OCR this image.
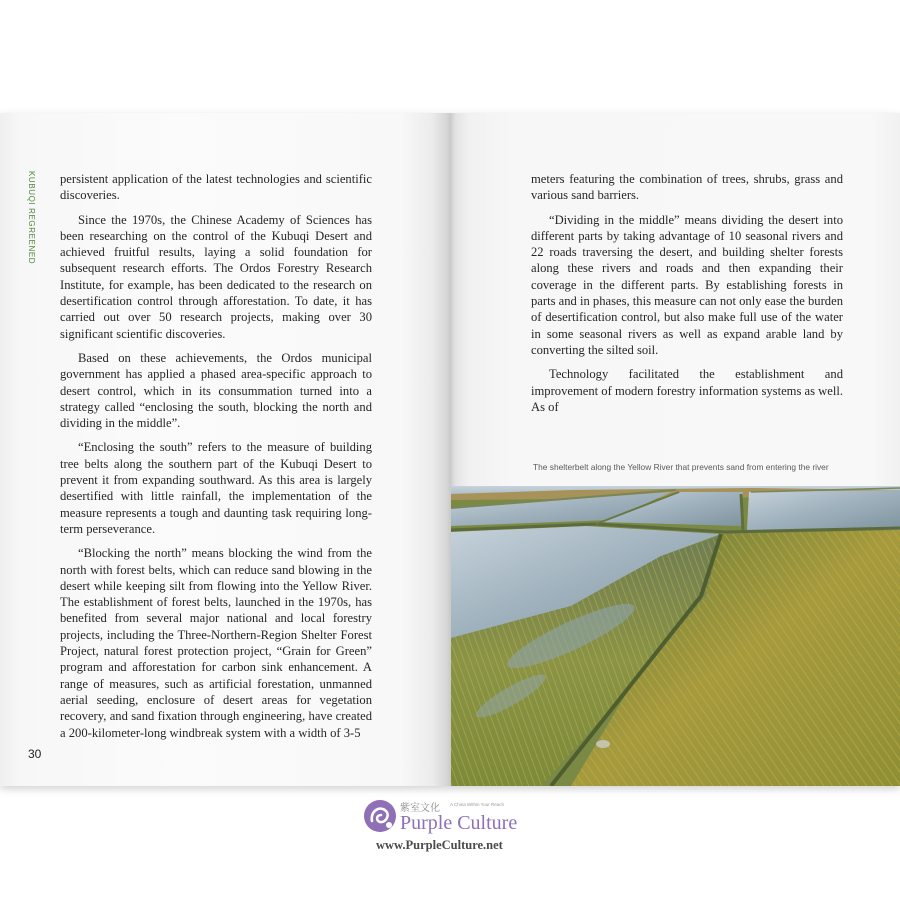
KUBUQI REGREENED persistent application of the latest technologies and scientific discoveries.

Since the 1970s, the Chinese Academy of Sciences has been researching on the control of the Kubuqi Desert and achieved fruitful results, laying a solid foundation for subsequent research efforts. The Ordos Forestry Research Institute, for example, has been dedicated to the research on desertification control through afforestation. To date, it has carried out over 50 research projects, making over 30 significant scientific discoveries.

Based on these achievements, the Ordos municipal government has applied a phased area-specific approach to desert control, which in its consummation turned into a strategy called “enclosing the south, blocking the north and dividing in the middle”.

“Enclosing the south” refers to the measure of building tree belts along the southern part of the Kubuqi Desert to prevent it from expanding southward. As this area is largely desertified with little rainfall, the implementation of the measure represents a tough and daunting task requiring long-term perseverance.

“Blocking the north” means blocking the wind from the north with forest belts, which can reduce sand blowing in the desert while keeping silt from flowing into the Yellow River. The establishment of forest belts, launched in the 1970s, has benefited from several major national and local forestry projects, including the Three-Northern-Region Shelter Forest Project, natural forest protection project, “Grain for Green” program and afforestation for carbon sink enhancement. A range of measures, such as artificial forestation, unmanned aerial seeding, enclosure of desert areas for vegetation recovery, and sand fixation through engineering, have created a 200-kilometer-long windbreak system with a width of 3-5

30

meters featuring the combination of trees, shrubs, grass and various sand barriers.

“Dividing in the middle” means dividing the desert into different parts by taking advantage of 10 seasonal rivers and 22 roads traversing the desert, and building shelter forests along these rivers and roads and then expanding their coverage in the different parts. By establishing forests in parts and in phases, this measure can not only ease the burden of desertification control, but also make full use of the water in some seasonal rivers as well as expand arable land by converting the silted soil.

Technology facilitated the establishment and improvement of modern forestry information systems as well. As of

The shelterbelt along the Yellow River that prevents sand from entering the river
紫室文化 A China Within Your Reach
Purple Culture
www.PurpleCulture.net
